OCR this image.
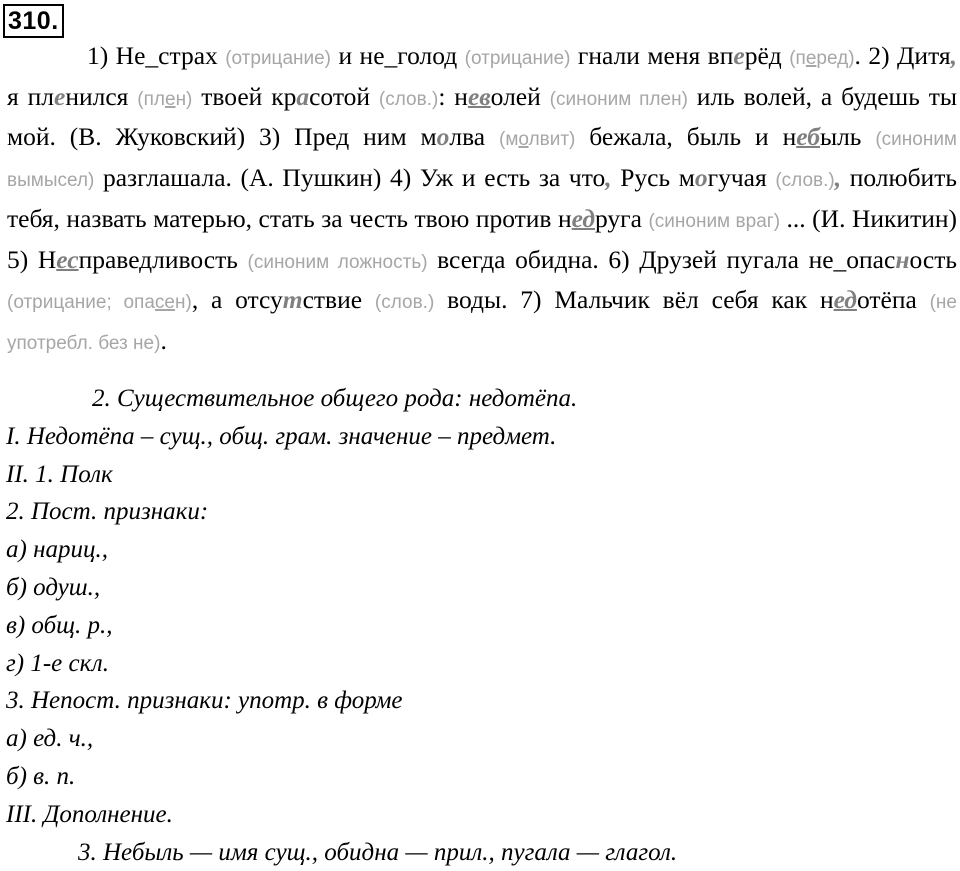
310.
1) Не_страх (отрицание) и не_голод (отрицание) гнали меня вперёд (перед). 2) Дитя, я пленился (плен) твоей красотой (слов.): неволей (синоним плен) иль волей, а будешь ты мой. (В. Жуковский) 3) Пред ним молва (молвит) бежала, быль и небыль (синоним вымысел) разглашала. (А. Пушкин) 4) Уж и есть за что, Русь могучая (слов.), полюбить тебя, назвать матерью, стать за честь твою против недруга (синоним враг) ... (И. Никитин) 5) Несправедливость (синоним ложность) всегда обидна. 6) Друзей пугала не_опасность (отрицание; опасен), а отсутствие (слов.) воды. 7) Мальчик вёл себя как недотёпа (не употребл. без не).
2. Существительное общего рода: недотёпа.
I. Недотёпа – сущ., общ. грам. значение – предмет.
II. 1. Полк
2. Пост. признаки:
а) нариц.,
б) одуш.,
в) общ. р.,
г) 1-е скл.
3. Непост. признаки: употр. в форме
а) ед. ч.,
б) в. п.
III. Дополнение.
3. Небыль — имя сущ., обидна — прил., пугала — глагол.
